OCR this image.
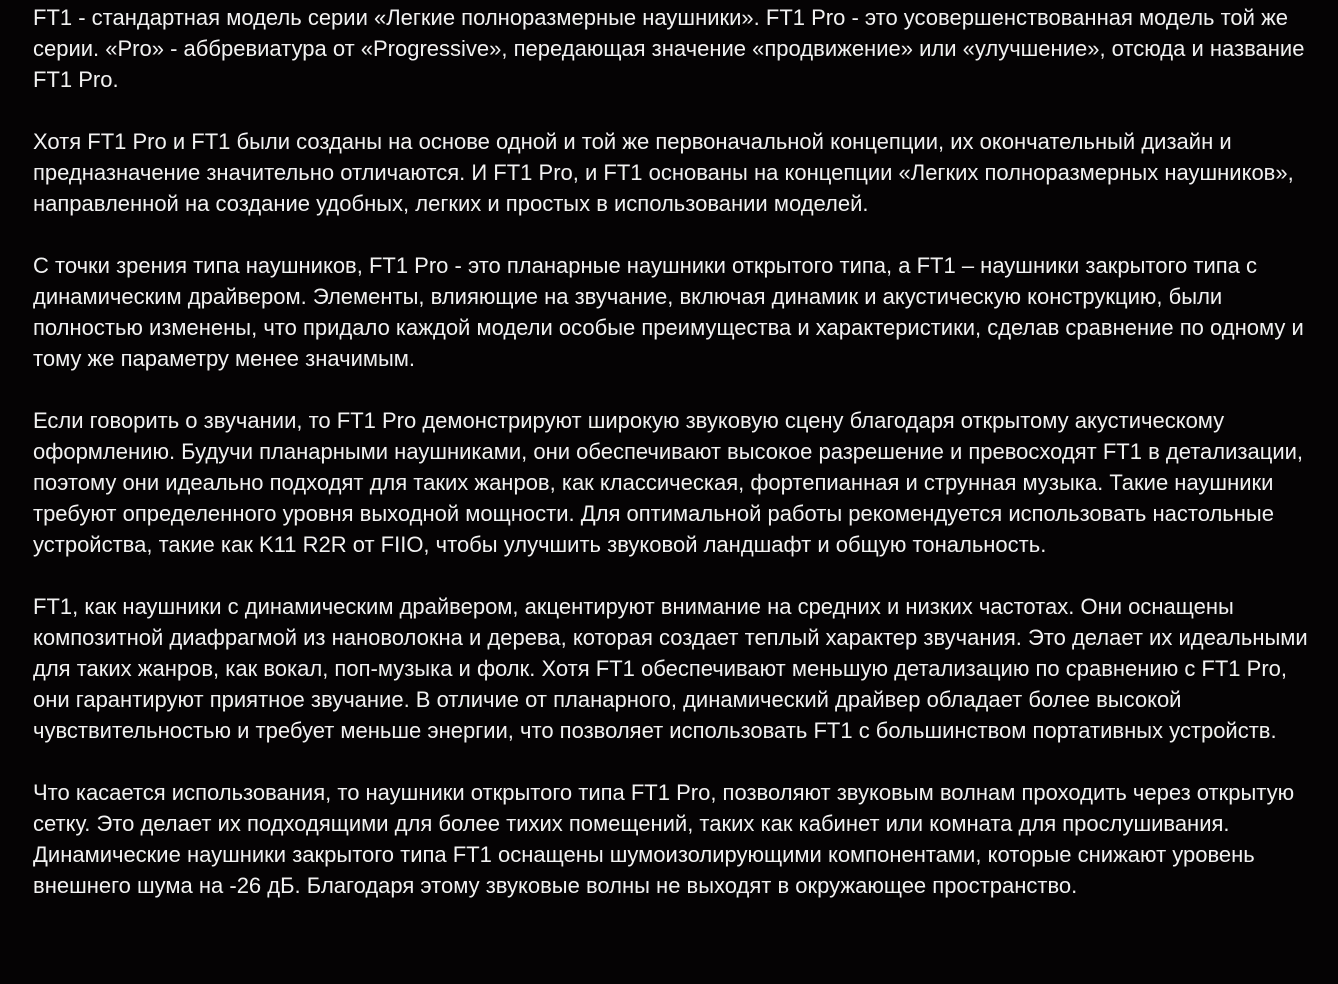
FT1 - стандартная модель серии «Легкие полноразмерные наушники». FT1 Pro - это усовершенствованная модель той же серии. «Pro» - аббревиатура от «Progressive», передающая значение «продвижение» или «улучшение», отсюда и название FT1 Pro.

Хотя FT1 Pro и FT1 были созданы на основе одной и той же первоначальной концепции, их окончательный дизайн и предназначение значительно отличаются. И FT1 Pro, и FT1 основаны на концепции «Легких полноразмерных наушников», направленной на создание удобных, легких и простых в использовании моделей.

С точки зрения типа наушников, FT1 Pro - это планарные наушники открытого типа, а FT1 – наушники закрытого типа с динамическим драйвером. Элементы, влияющие на звучание, включая динамик и акустическую конструкцию, были полностью изменены, что придало каждой модели особые преимущества и характеристики, сделав сравнение по одному и тому же параметру менее значимым.

Если говорить о звучании, то FT1 Pro демонстрируют широкую звуковую сцену благодаря открытому акустическому оформлению. Будучи планарными наушниками, они обеспечивают высокое разрешение и превосходят FT1 в детализации, поэтому они идеально подходят для таких жанров, как классическая, фортепианная и струнная музыка. Такие наушники требуют определенного уровня выходной мощности. Для оптимальной работы рекомендуется использовать настольные устройства, такие как K11 R2R от FIIO, чтобы улучшить звуковой ландшафт и общую тональность.

FT1, как наушники с динамическим драйвером, акцентируют внимание на средних и низких частотах. Они оснащены композитной диафрагмой из нановолокна и дерева, которая создает теплый характер звучания. Это делает их идеальными для таких жанров, как вокал, поп-музыка и фолк. Хотя FT1 обеспечивают меньшую детализацию по сравнению с FT1 Pro, они гарантируют приятное звучание. В отличие от планарного, динамический драйвер обладает более высокой чувствительностью и требует меньше энергии, что позволяет использовать FT1 с большинством портативных устройств.

Что касается использования, то наушники открытого типа FT1 Pro, позволяют звуковым волнам проходить через открытую сетку. Это делает их подходящими для более тихих помещений, таких как кабинет или комната для прослушивания. Динамические наушники закрытого типа FT1 оснащены шумоизолирующими компонентами, которые снижают уровень внешнего шума на -26 дБ. Благодаря этому звуковые волны не выходят в окружающее пространство.
